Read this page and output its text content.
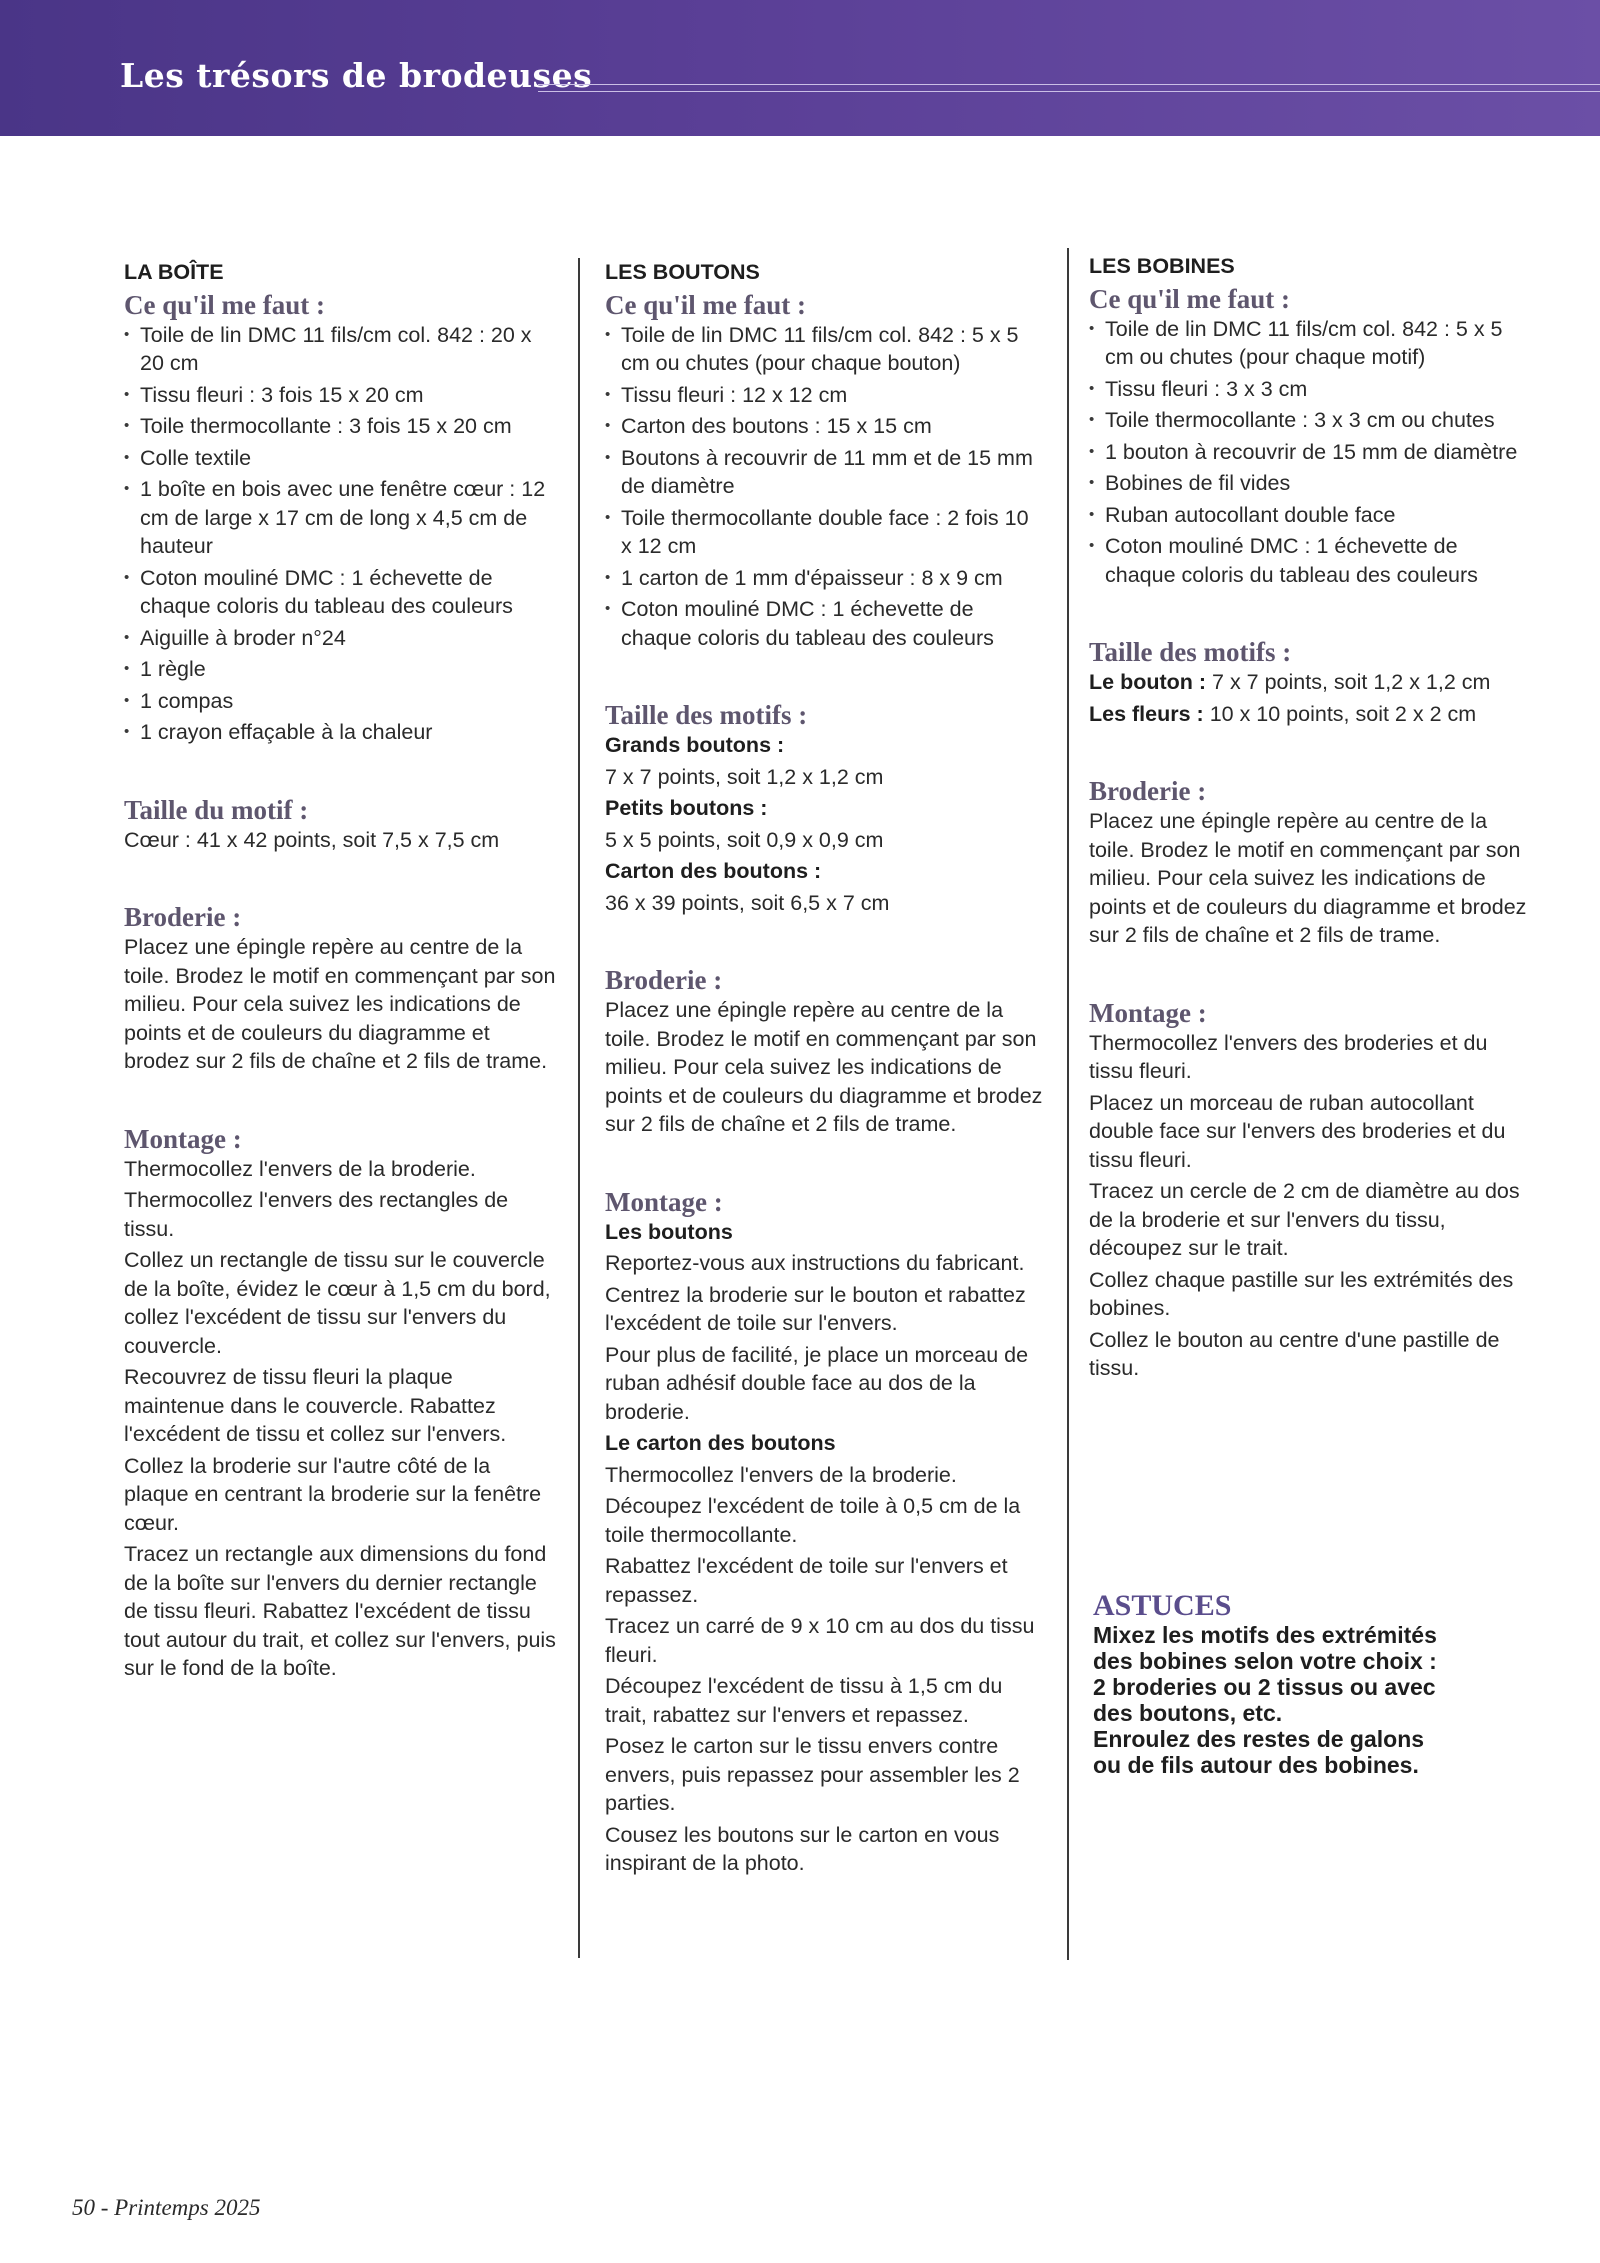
Les trésors de brodeuses
LA BOÎTE
Ce qu'il me faut :
• Toile de lin DMC 11 fils/cm col. 842 : 20 x 20 cm
• Tissu fleuri : 3 fois 15 x 20 cm
• Toile thermocollante : 3 fois 15 x 20 cm
• Colle textile
• 1 boîte en bois avec une fenêtre cœur : 12 cm de large x 17 cm de long x 4,5 cm de hauteur
• Coton mouliné DMC : 1 échevette de chaque coloris du tableau des couleurs
• Aiguille à broder n°24
• 1 règle
• 1 compas
• 1 crayon effaçable à la chaleur
Taille du motif :

Cœur : 41 x 42 points, soit 7,5 x 7,5 cm

Broderie :

Placez une épingle repère au centre de la toile. Brodez le motif en commençant par son milieu. Pour cela suivez les indications de points et de couleurs du diagramme et brodez sur 2 fils de chaîne et 2 fils de trame.

Montage :

Thermocollez l'envers de la broderie.

Thermocollez l'envers des rectangles de tissu.

Collez un rectangle de tissu sur le couvercle de la boîte, évidez le cœur à 1,5 cm du bord, collez l'excédent de tissu sur l'envers du couvercle.

Recouvrez de tissu fleuri la plaque maintenue dans le couvercle. Rabattez l'excédent de tissu et collez sur l'envers.

Collez la broderie sur l'autre côté de la plaque en centrant la broderie sur la fenêtre cœur.

Tracez un rectangle aux dimensions du fond de la boîte sur l'envers du dernier rectangle de tissu fleuri. Rabattez l'excédent de tissu tout autour du trait, et collez sur l'envers, puis sur le fond de la boîte.

LES BOUTONS
Ce qu'il me faut :
• Toile de lin DMC 11 fils/cm col. 842 : 5 x 5 cm ou chutes (pour chaque bouton)
• Tissu fleuri : 12 x 12 cm
• Carton des boutons : 15 x 15 cm
• Boutons à recouvrir de 11 mm et de 15 mm de diamètre
• Toile thermocollante double face : 2 fois 10 x 12 cm
• 1 carton de 1 mm d'épaisseur : 8 x 9 cm
• Coton mouliné DMC : 1 échevette de chaque coloris du tableau des couleurs
Taille des motifs :

Grands boutons :

7 x 7 points, soit 1,2 x 1,2 cm

Petits boutons :

5 x 5 points, soit 0,9 x 0,9 cm

Carton des boutons :

36 x 39 points, soit 6,5 x 7 cm

Broderie :

Placez une épingle repère au centre de la toile. Brodez le motif en commençant par son milieu. Pour cela suivez les indications de points et de couleurs du diagramme et brodez sur 2 fils de chaîne et 2 fils de trame.

Montage :

Les boutons

Reportez-vous aux instructions du fabricant.

Centrez la broderie sur le bouton et rabattez l'excédent de toile sur l'envers.

Pour plus de facilité, je place un morceau de ruban adhésif double face au dos de la broderie.

Le carton des boutons

Thermocollez l'envers de la broderie.

Découpez l'excédent de toile à 0,5 cm de la toile thermocollante.

Rabattez l'excédent de toile sur l'envers et repassez.

Tracez un carré de 9 x 10 cm au dos du tissu fleuri.

Découpez l'excédent de tissu à 1,5 cm du trait, rabattez sur l'envers et repassez.

Posez le carton sur le tissu envers contre envers, puis repassez pour assembler les 2 parties.

Cousez les boutons sur le carton en vous inspirant de la photo.

LES BOBINES
Ce qu'il me faut :
• Toile de lin DMC 11 fils/cm col. 842 : 5 x 5 cm ou chutes (pour chaque motif)
• Tissu fleuri : 3 x 3 cm
• Toile thermocollante : 3 x 3 cm ou chutes
• 1 bouton à recouvrir de 15 mm de diamètre
• Bobines de fil vides
• Ruban autocollant double face
• Coton mouliné DMC : 1 échevette de chaque coloris du tableau des couleurs
Taille des motifs :

Le bouton : 7 x 7 points, soit 1,2 x 1,2 cm

Les fleurs : 10 x 10 points, soit 2 x 2 cm

Broderie :

Placez une épingle repère au centre de la toile. Brodez le motif en commençant par son milieu. Pour cela suivez les indications de points et de couleurs du diagramme et brodez sur 2 fils de chaîne et 2 fils de trame.

Montage :

Thermocollez l'envers des broderies et du tissu fleuri.

Placez un morceau de ruban autocollant double face sur l'envers des broderies et du tissu fleuri.

Tracez un cercle de 2 cm de diamètre au dos de la broderie et sur l'envers du tissu, découpez sur le trait.

Collez chaque pastille sur les extrémités des bobines.

Collez le bouton au centre d'une pastille de tissu.

ASTUCES

Mixez les motifs des extrémités

des bobines selon votre choix :

2 broderies ou 2 tissus ou avec

des boutons, etc.

Enroulez des restes de galons

ou de fils autour des bobines.

50 - Printemps 2025
